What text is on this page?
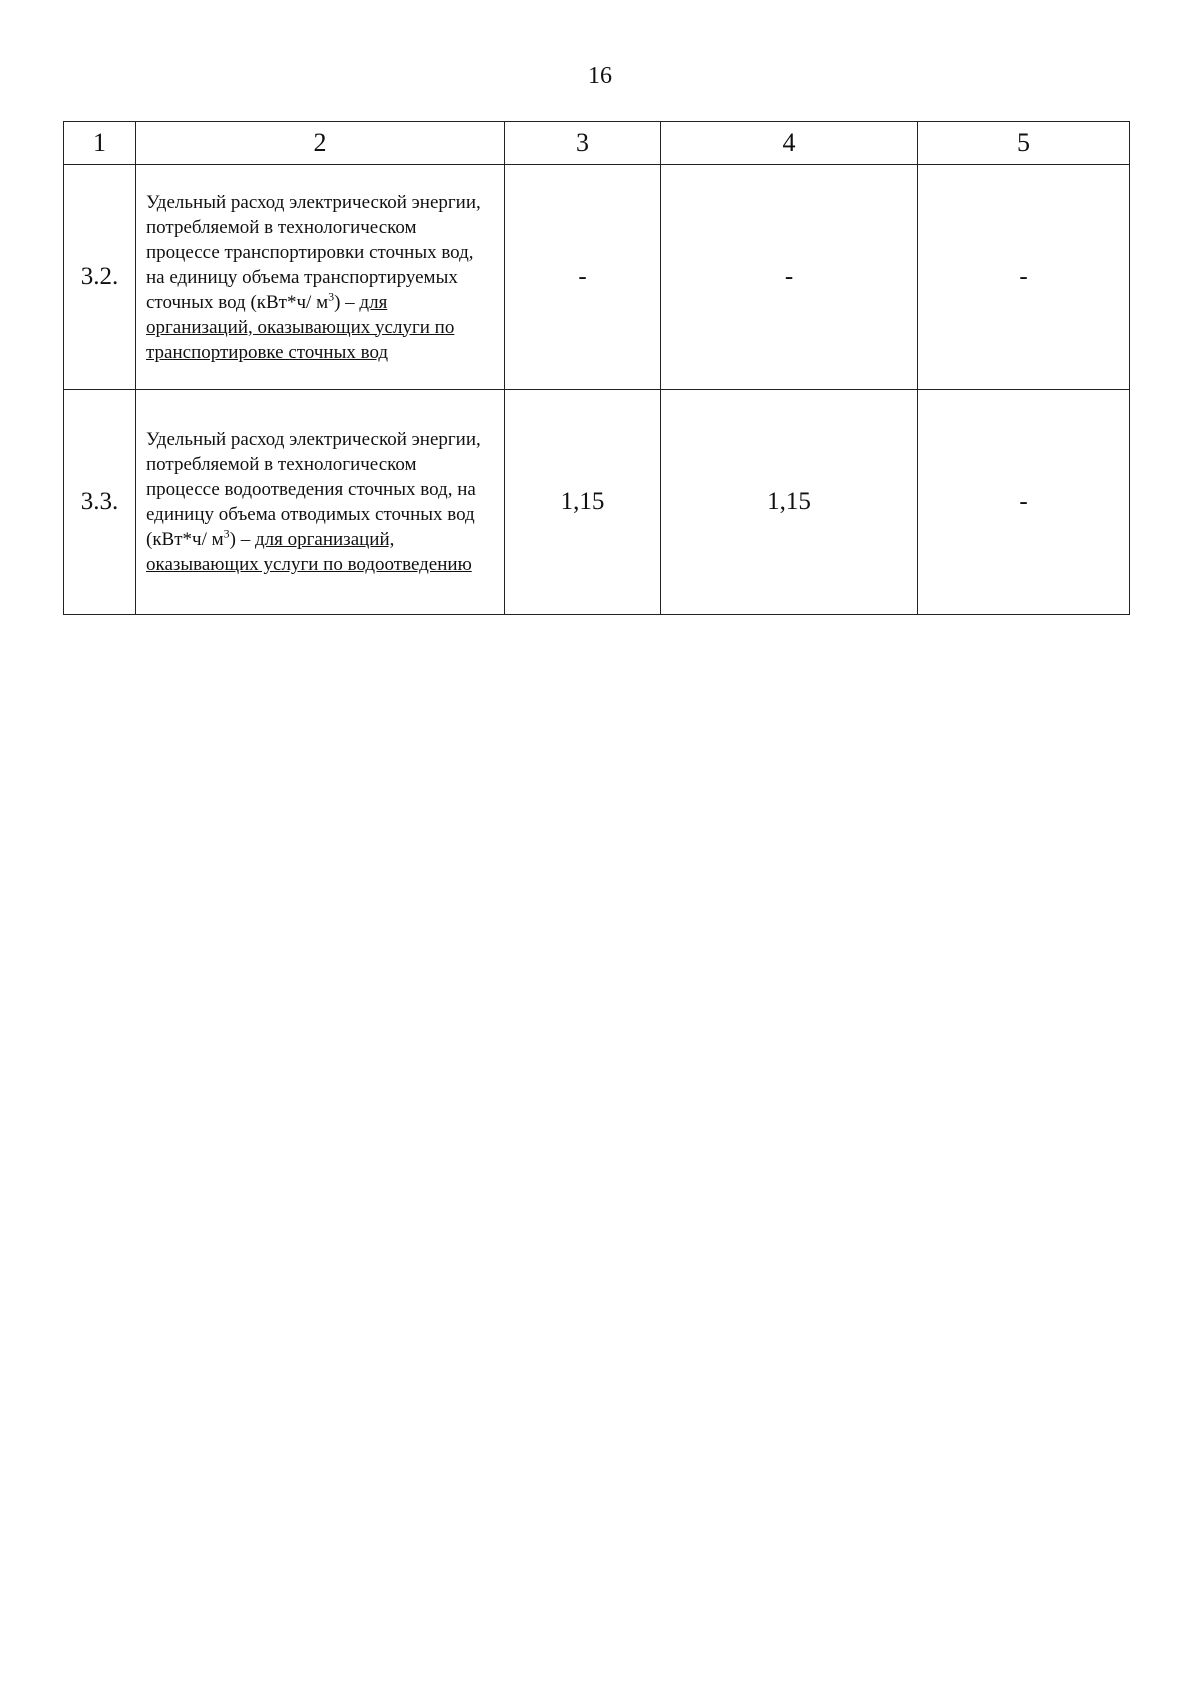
16
1	2	3	4	5
3.2.	Удельный расход электрической энергии, потребляемой в технологическом процессе транспортировки сточных вод, на единицу объема транспортируемых сточных вод (кВт*ч/ $м^3$) – для организаций, оказывающих услуги по транспортировке сточных вод	-	-	-
3.3.	Удельный расход электрической энергии, потребляемой в технологическом процессе водоотведения сточных вод, на единицу объема отводимых сточных вод (кВт*ч/ $м^3$) – для организаций, оказывающих услуги по водоотведению	1,15	1,15	-
